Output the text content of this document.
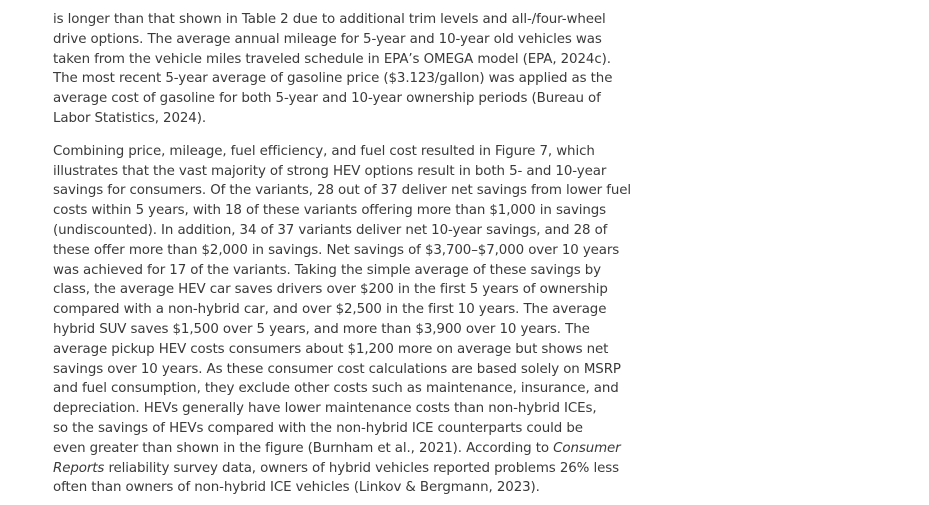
is longer than that shown in Table 2 due to additional trim levels and all-/four-wheel
drive options. The average annual mileage for 5-year and 10-year old vehicles was
taken from the vehicle miles traveled schedule in EPA’s OMEGA model (EPA, 2024c).
The most recent 5-year average of gasoline price ($3.123/gallon) was applied as the
average cost of gasoline for both 5-year and 10-year ownership periods (Bureau of
Labor Statistics, 2024).
Combining price, mileage, fuel efficiency, and fuel cost resulted in Figure 7, which
illustrates that the vast majority of strong HEV options result in both 5- and 10-year
savings for consumers. Of the variants, 28 out of 37 deliver net savings from lower fuel
costs within 5 years, with 18 of these variants offering more than $1,000 in savings
(undiscounted). In addition, 34 of 37 variants deliver net 10-year savings, and 28 of
these offer more than $2,000 in savings. Net savings of $3,700–$7,000 over 10 years
was achieved for 17 of the variants. Taking the simple average of these savings by
class, the average HEV car saves drivers over $200 in the first 5 years of ownership
compared with a non-hybrid car, and over $2,500 in the first 10 years. The average
hybrid SUV saves $1,500 over 5 years, and more than $3,900 over 10 years. The
average pickup HEV costs consumers about $1,200 more on average but shows net
savings over 10 years. As these consumer cost calculations are based solely on MSRP
and fuel consumption, they exclude other costs such as maintenance, insurance, and
depreciation. HEVs generally have lower maintenance costs than non-hybrid ICEs,
so the savings of HEVs compared with the non-hybrid ICE counterparts could be
even greater than shown in the figure (Burnham et al., 2021). According to Consumer
Reports reliability survey data, owners of hybrid vehicles reported problems 26% less
often than owners of non-hybrid ICE vehicles (Linkov & Bergmann, 2023).
